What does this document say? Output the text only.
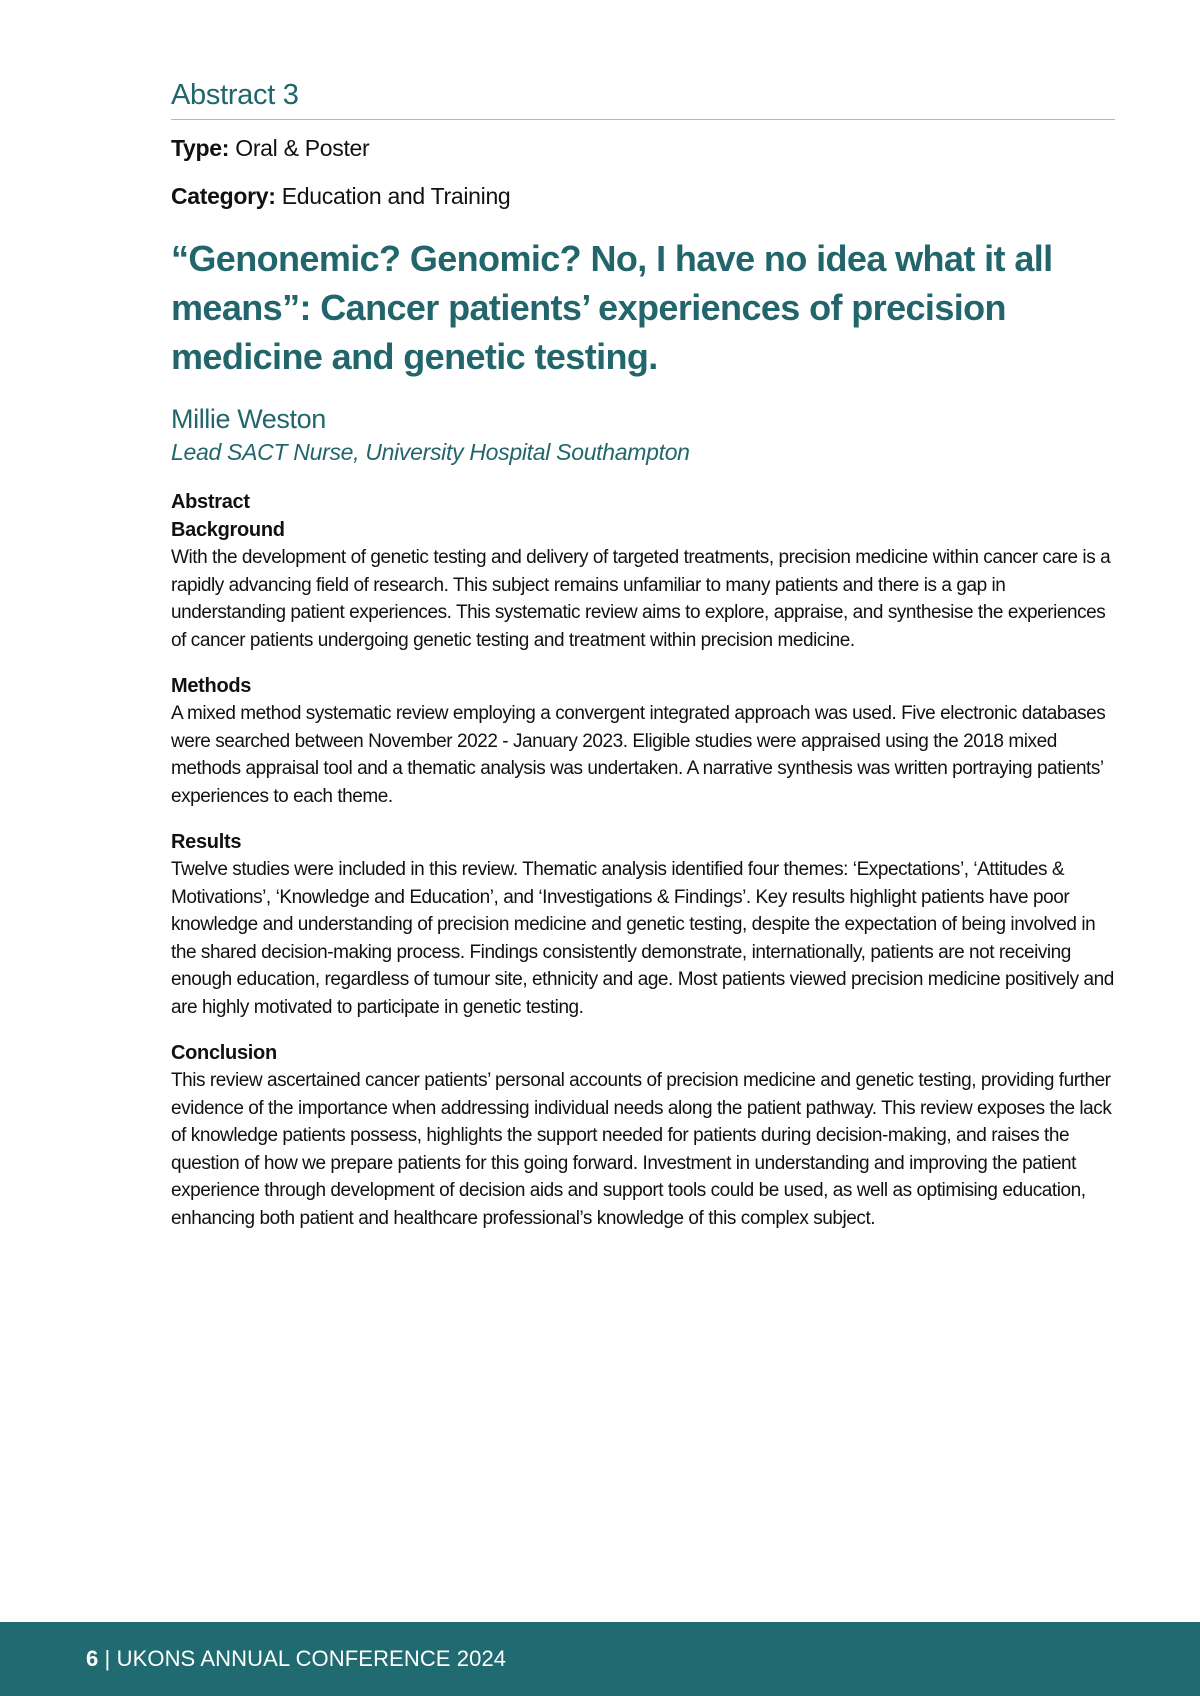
Abstract 3
Type: Oral & Poster
Category: Education and Training
“Genonemic? Genomic? No, I have no idea what it all means”: Cancer patients’ experiences of precision medicine and genetic testing.
Millie Weston
Lead SACT Nurse, University Hospital Southampton
Abstract
Background
With the development of genetic testing and delivery of targeted treatments, precision medicine within cancer care is a rapidly advancing field of research. This subject remains unfamiliar to many patients and there is a gap in understanding patient experiences. This systematic review aims to explore, appraise, and synthesise the experiences of cancer patients undergoing genetic testing and treatment within precision medicine.
Methods
A mixed method systematic review employing a convergent integrated approach was used. Five electronic databases were searched between November 2022 - January 2023. Eligible studies were appraised using the 2018 mixed methods appraisal tool and a thematic analysis was undertaken. A narrative synthesis was written portraying patients’ experiences to each theme.
Results
Twelve studies were included in this review. Thematic analysis identified four themes: ‘Expectations’, ‘Attitudes & Motivations’, ‘Knowledge and Education’, and ‘Investigations & Findings’. Key results highlight patients have poor knowledge and understanding of precision medicine and genetic testing, despite the expectation of being involved in the shared decision-making process. Findings consistently demonstrate, internationally, patients are not receiving enough education, regardless of tumour site, ethnicity and age. Most patients viewed precision medicine positively and are highly motivated to participate in genetic testing.
Conclusion
This review ascertained cancer patients’ personal accounts of precision medicine and genetic testing, providing further evidence of the importance when addressing individual needs along the patient pathway. This review exposes the lack of knowledge patients possess, highlights the support needed for patients during decision-making, and raises the question of how we prepare patients for this going forward. Investment in understanding and improving the patient experience through development of decision aids and support tools could be used, as well as optimising education, enhancing both patient and healthcare professional’s knowledge of this complex subject.
6 | UKONS ANNUAL CONFERENCE 2024
